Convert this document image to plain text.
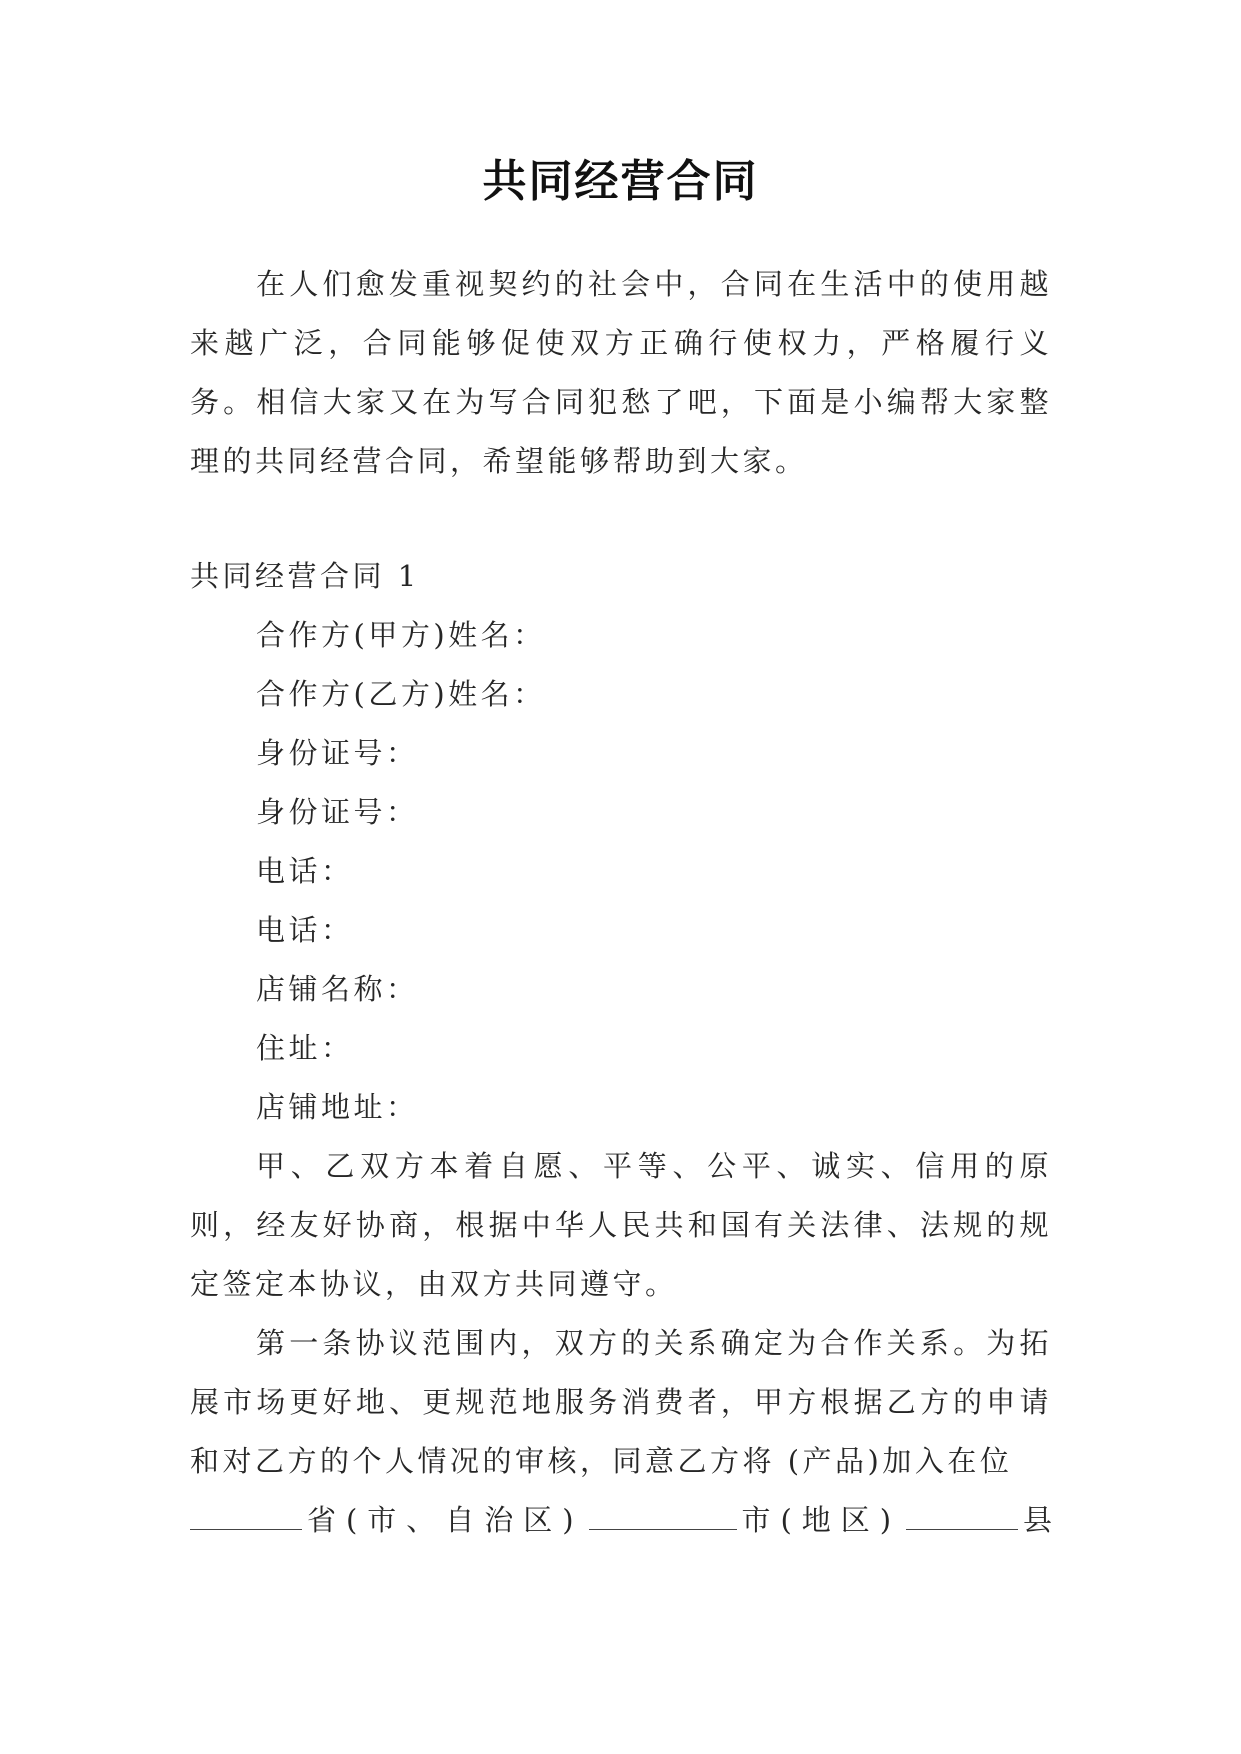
共同经营合同

在人们愈发重视契约的社会中，合同在生活中的使用越来越广泛，合同能够促使双方正确行使权力，严格履行义务。相信大家又在为写合同犯愁了吧，下面是小编帮大家整理的共同经营合同，希望能够帮助到大家。

共同经营合同 1

合作方(甲方)姓名：

合作方(乙方)姓名：

身份证号：

身份证号：

电话：

电话：

店铺名称：

住址：

店铺地址：

甲、乙双方本着自愿、平等、公平、诚实、信用的原则，经友好协商，根据中华人民共和国有关法律、法规的规定签定本协议，由双方共同遵守。

第一条协议范围内，双方的关系确定为合作关系。为拓展市场更好地、更规范地服务消费者，甲方根据乙方的申请和对乙方的个人情况的审核，同意乙方将 (产品)加入在位

省(市、自治区)	市(地区)	县
